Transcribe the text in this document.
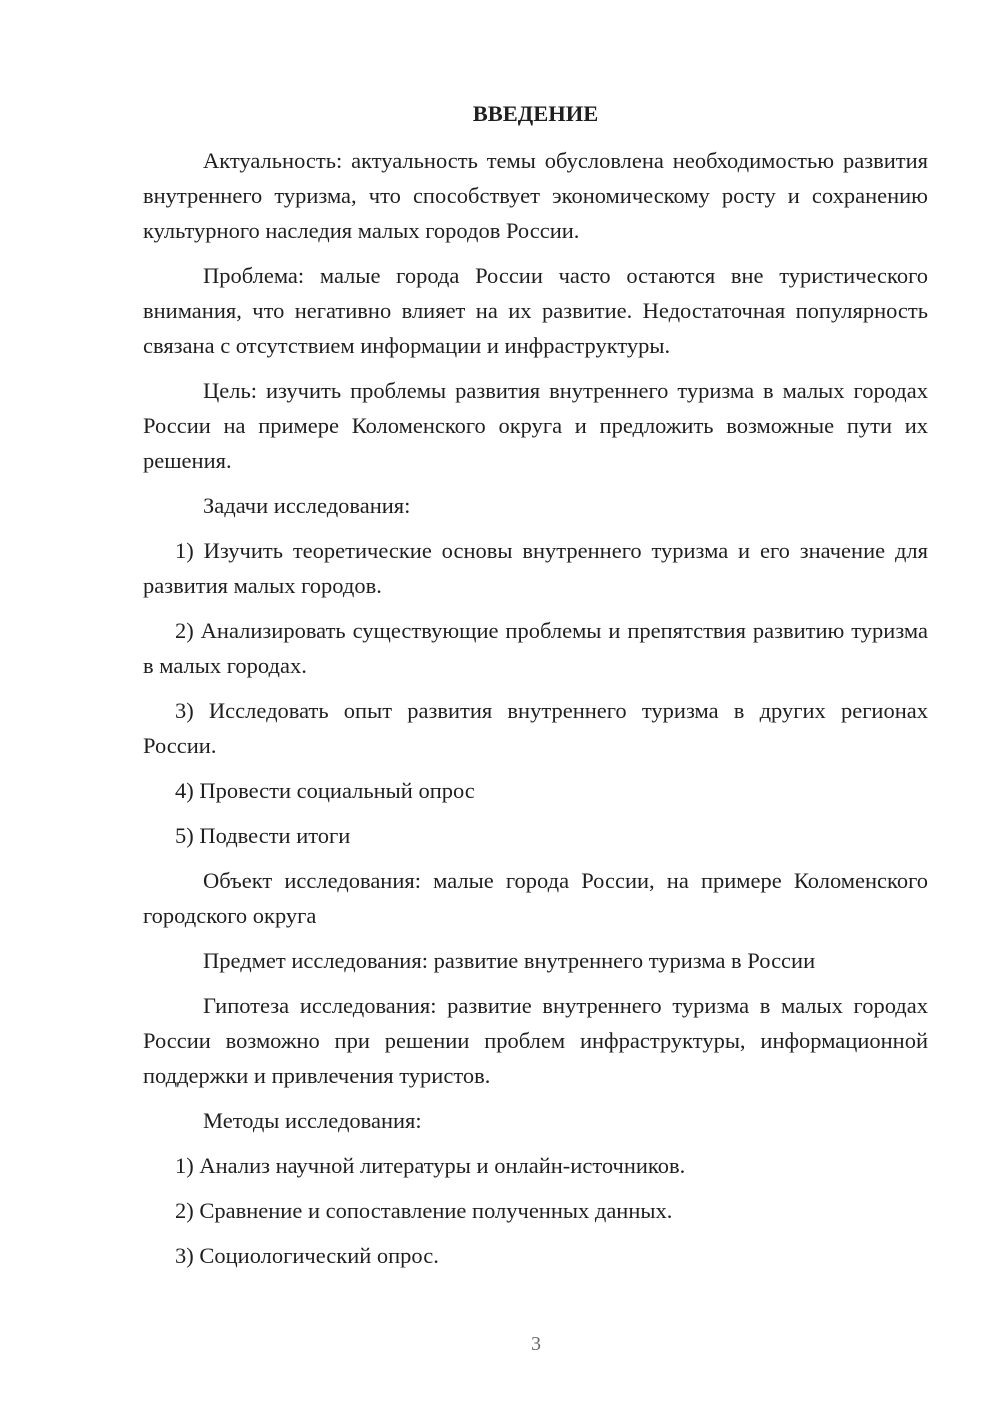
ВВЕДЕНИЕ

Актуальность: актуальность темы обусловлена необходимостью развития внутреннего туризма, что способствует экономическому росту и сохранению культурного наследия малых городов России.

Проблема: малые города России часто остаются вне туристического внимания, что негативно влияет на их развитие. Недостаточная популярность связана с отсутствием информации и инфраструктуры.

Цель: изучить проблемы развития внутреннего туризма в малых городах России на примере Коломенского округа и предложить возможные пути их решения.

Задачи исследования:

1) Изучить теоретические основы внутреннего туризма и его значение для развития малых городов.

2) Анализировать существующие проблемы и препятствия развитию туризма в малых городах.

3) Исследовать опыт развития внутреннего туризма в других регионах России.

4) Провести социальный опрос

5) Подвести итоги

Объект исследования: малые города России, на примере Коломенского городского округа

Предмет исследования: развитие внутреннего туризма в России

Гипотеза исследования: развитие внутреннего туризма в малых городах России возможно при решении проблем инфраструктуры, информационной поддержки и привлечения туристов.

Методы исследования:

1) Анализ научной литературы и онлайн-источников.

2) Сравнение и сопоставление полученных данных.

3) Социологический опрос.

3
